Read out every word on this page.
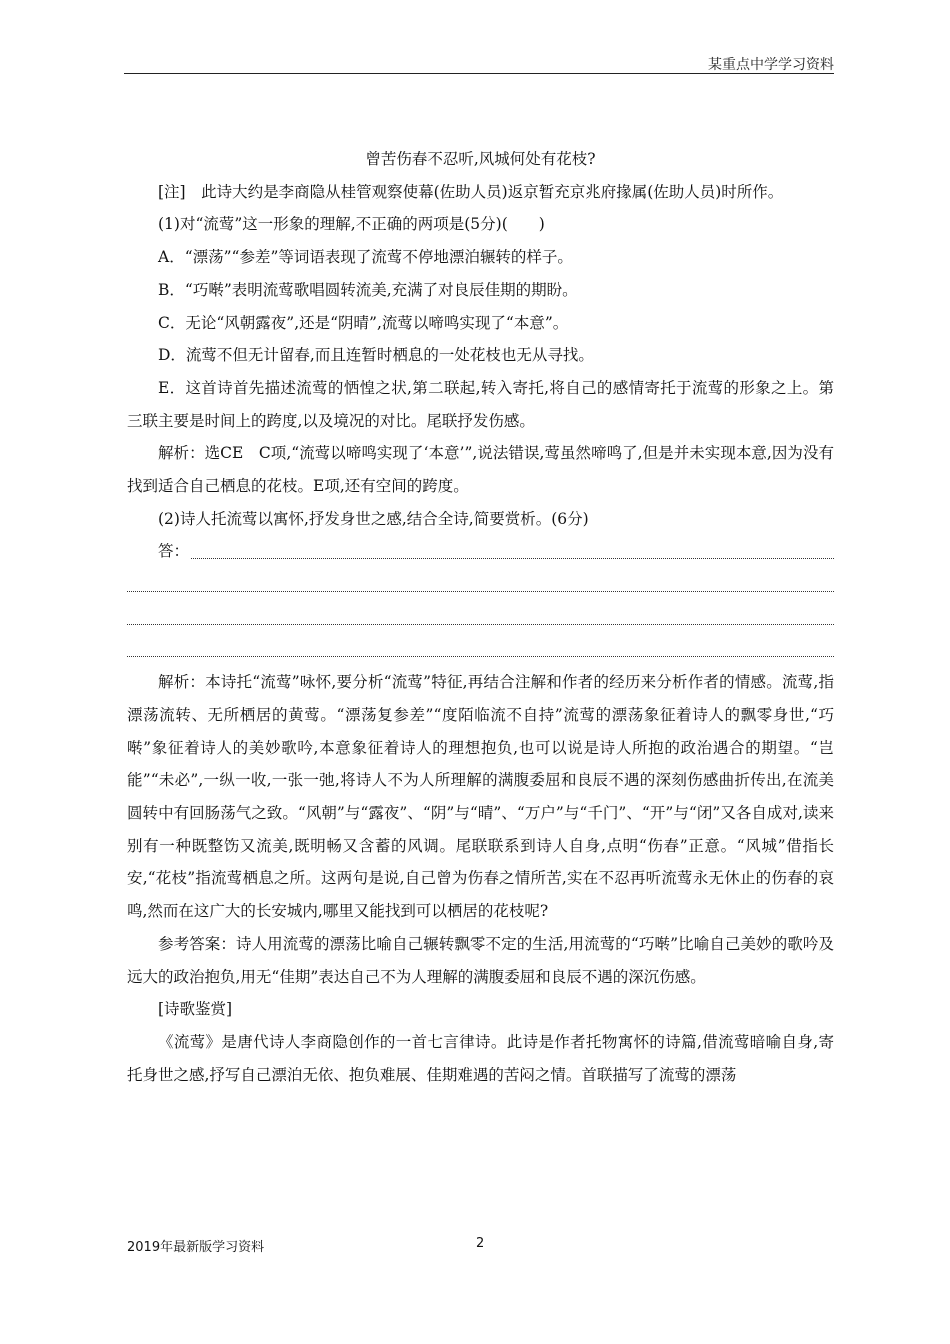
某重点中学学习资料

曾苦伤春不忍听,风城何处有花枝?

[注]　此诗大约是李商隐从桂管观察使幕(佐助人员)返京暂充京兆府掾属(佐助人员)时所作。

(1)对“流莺”这一形象的理解,不正确的两项是(5分)(　　)

A．“漂荡”“参差”等词语表现了流莺不停地漂泊辗转的样子。

B．“巧啭”表明流莺歌唱圆转流美,充满了对良辰佳期的期盼。

C．无论“风朝露夜”,还是“阴晴”,流莺以啼鸣实现了“本意”。

D．流莺不但无计留春,而且连暂时栖息的一处花枝也无从寻找。

E．这首诗首先描述流莺的恓惶之状,第二联起,转入寄托,将自己的感情寄托于流莺的形象之上。第三联主要是时间上的跨度,以及境况的对比。尾联抒发伤感。

解析：选CE　C项,“流莺以啼鸣实现了‘本意’”,说法错误,莺虽然啼鸣了,但是并未实现本意,因为没有找到适合自己栖息的花枝。E项,还有空间的跨度。

(2)诗人托流莺以寓怀,抒发身世之感,结合全诗,简要赏析。(6分)

答：

解析：本诗托“流莺”咏怀,要分析“流莺”特征,再结合注解和作者的经历来分析作者的情感。流莺,指漂荡流转、无所栖居的黄莺。“漂荡复参差”“度陌临流不自持”流莺的漂荡象征着诗人的飘零身世,“巧啭”象征着诗人的美妙歌吟,本意象征着诗人的理想抱负,也可以说是诗人所抱的政治遇合的期望。“岂能”“未必”,一纵一收,一张一弛,将诗人不为人所理解的满腹委屈和良辰不遇的深刻伤感曲折传出,在流美圆转中有回肠荡气之致。“风朝”与“露夜”、“阴”与“晴”、“万户”与“千门”、“开”与“闭”又各自成对,读来别有一种既整饬又流美,既明畅又含蓄的风调。尾联联系到诗人自身,点明“伤春”正意。“风城”借指长安,“花枝”指流莺栖息之所。这两句是说,自己曾为伤春之情所苦,实在不忍再听流莺永无休止的伤春的哀鸣,然而在这广大的长安城内,哪里又能找到可以栖居的花枝呢?

参考答案：诗人用流莺的漂荡比喻自己辗转飘零不定的生活,用流莺的“巧啭”比喻自己美妙的歌吟及远大的政治抱负,用无“佳期”表达自己不为人理解的满腹委屈和良辰不遇的深沉伤感。

[诗歌鉴赏]

《流莺》是唐代诗人李商隐创作的一首七言律诗。此诗是作者托物寓怀的诗篇,借流莺暗喻自身,寄托身世之感,抒写自己漂泊无依、抱负难展、佳期难遇的苦闷之情。首联描写了流莺的漂荡

2019年最新版学习资料	2
